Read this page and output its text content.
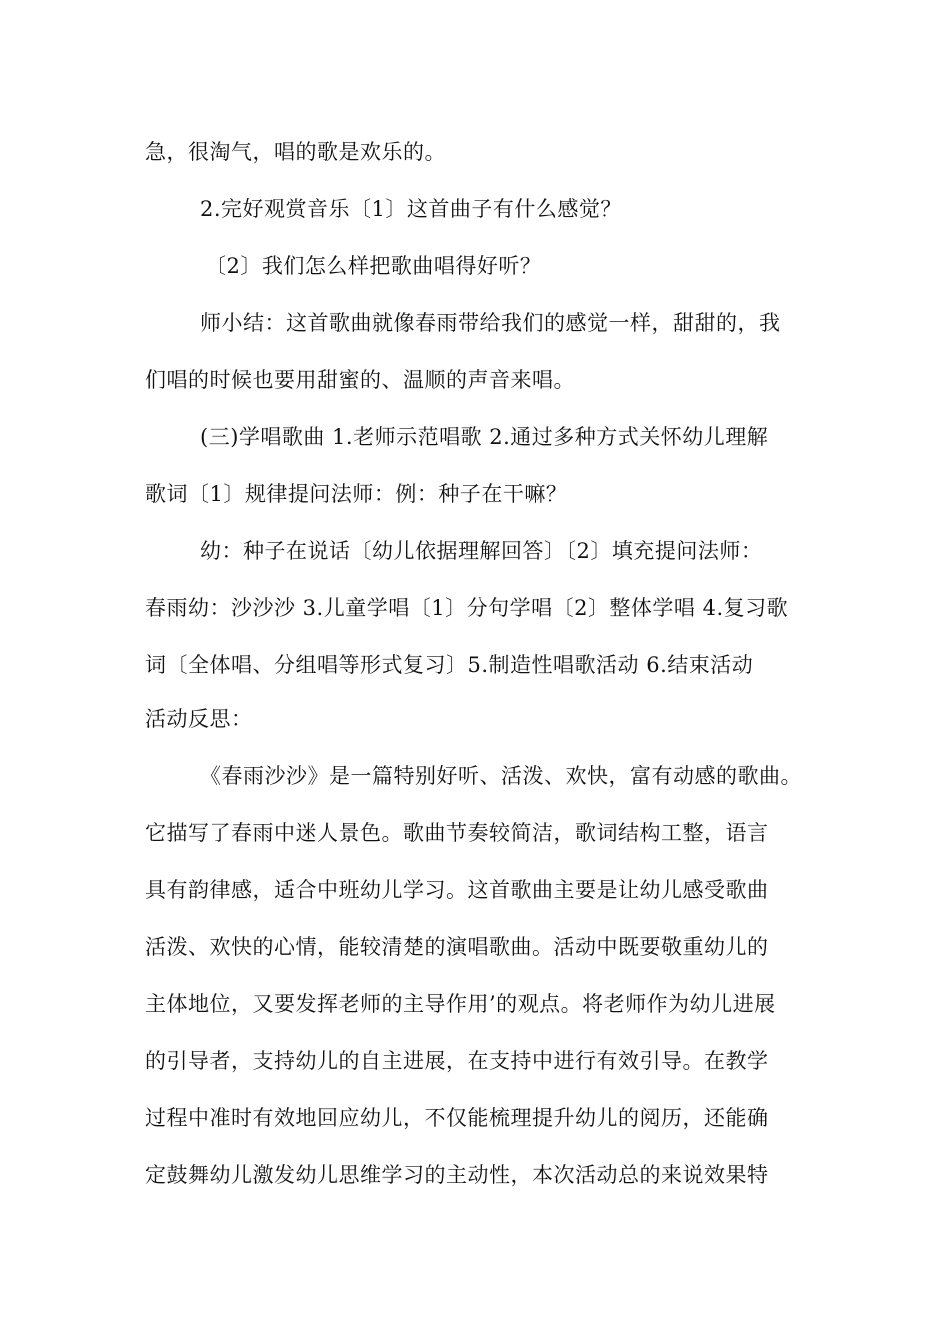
急，很淘气，唱的歌是欢乐的。
2.完好观赏音乐〔1〕这首曲子有什么感觉？
〔2〕我们怎么样把歌曲唱得好听？
师小结：这首歌曲就像春雨带给我们的感觉一样，甜甜的，我
们唱的时候也要用甜蜜的、温顺的声音来唱。
(三)学唱歌曲 1.老师示范唱歌 2.通过多种方式关怀幼儿理解
歌词〔1〕规律提问法师：例：种子在干嘛？
幼：种子在说话〔幼儿依据理解回答〕〔2〕填充提问法师：
春雨幼：沙沙沙 3.儿童学唱〔1〕分句学唱〔2〕整体学唱 4.复习歌
词〔全体唱、分组唱等形式复习〕5.制造性唱歌活动 6.结束活动
活动反思：
《春雨沙沙》是一篇特别好听、活泼、欢快，富有动感的歌曲。
它描写了春雨中迷人景色。歌曲节奏较简洁，歌词结构工整，语言
具有韵律感，适合中班幼儿学习。这首歌曲主要是让幼儿感受歌曲
活泼、欢快的心情，能较清楚的演唱歌曲。活动中既要敬重幼儿的
主体地位，又要发挥老师的主导作用’的观点。将老师作为幼儿进展
的引导者，支持幼儿的自主进展，在支持中进行有效引导。在教学
过程中准时有效地回应幼儿，不仅能梳理提升幼儿的阅历，还能确
定鼓舞幼儿激发幼儿思维学习的主动性，本次活动总的来说效果特
